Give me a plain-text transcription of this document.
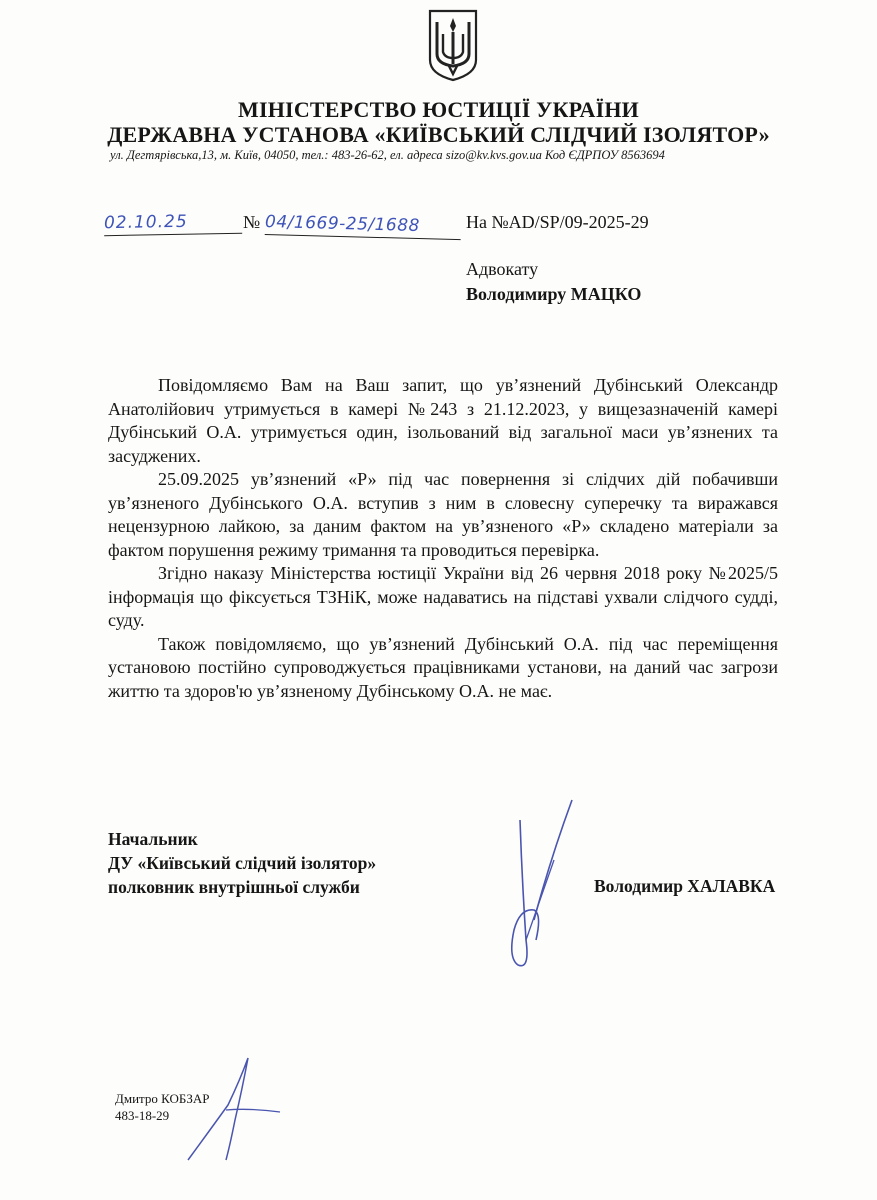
МІНІСТЕРСТВО ЮСТИЦІЇ УКРАЇНИ
ДЕРЖАВНА УСТАНОВА «КИЇВСЬКИЙ СЛІДЧИЙ ІЗОЛЯТОР»
ул. Дегтярівська,13, м. Київ, 04050, тел.: 483-26-62, ел. адреса sizo@kv.kvs.gov.ua Код ЄДРПОУ 8563694
02.10.25	№ 04/1669-25/1688	На №AD/SP/09-2025-29
Адвокату
Володимиру МАЦКО

Повідомляємо Вам на Ваш запит, що ув’язнений Дубінський Олександр Анатолійович утримується в камері №243 з 21.12.2023, у вищезазначеній камері Дубінський О.А. утримується один, ізольований від загальної маси ув’язнених та засуджених.

25.09.2025 ув’язнений «Р» під час повернення зі слідчих дій побачивши ув’язненого Дубінського О.А. вступив з ним в словесну суперечку та виражався нецензурною лайкою, за даним фактом на ув’язненого «Р» складено матеріали за фактом порушення режиму тримання та проводиться перевірка.

Згідно наказу Міністерства юстиції України від 26 червня 2018 року №2025/5 інформація що фіксується ТЗНіК, може надаватись на підставі ухвали слідчого судді, суду.

Також повідомляємо, що ув’язнений Дубінський О.А. під час переміщення установою постійно супроводжується працівниками установи, на даний час загрози життю та здоров'ю ув’язненому Дубінському О.А. не має.

Начальник
ДУ «Київський слідчий ізолятор»
полковник внутрішньої служби	Володимир ХАЛАВКА
Дмитро КОБЗАР
483-18-29
